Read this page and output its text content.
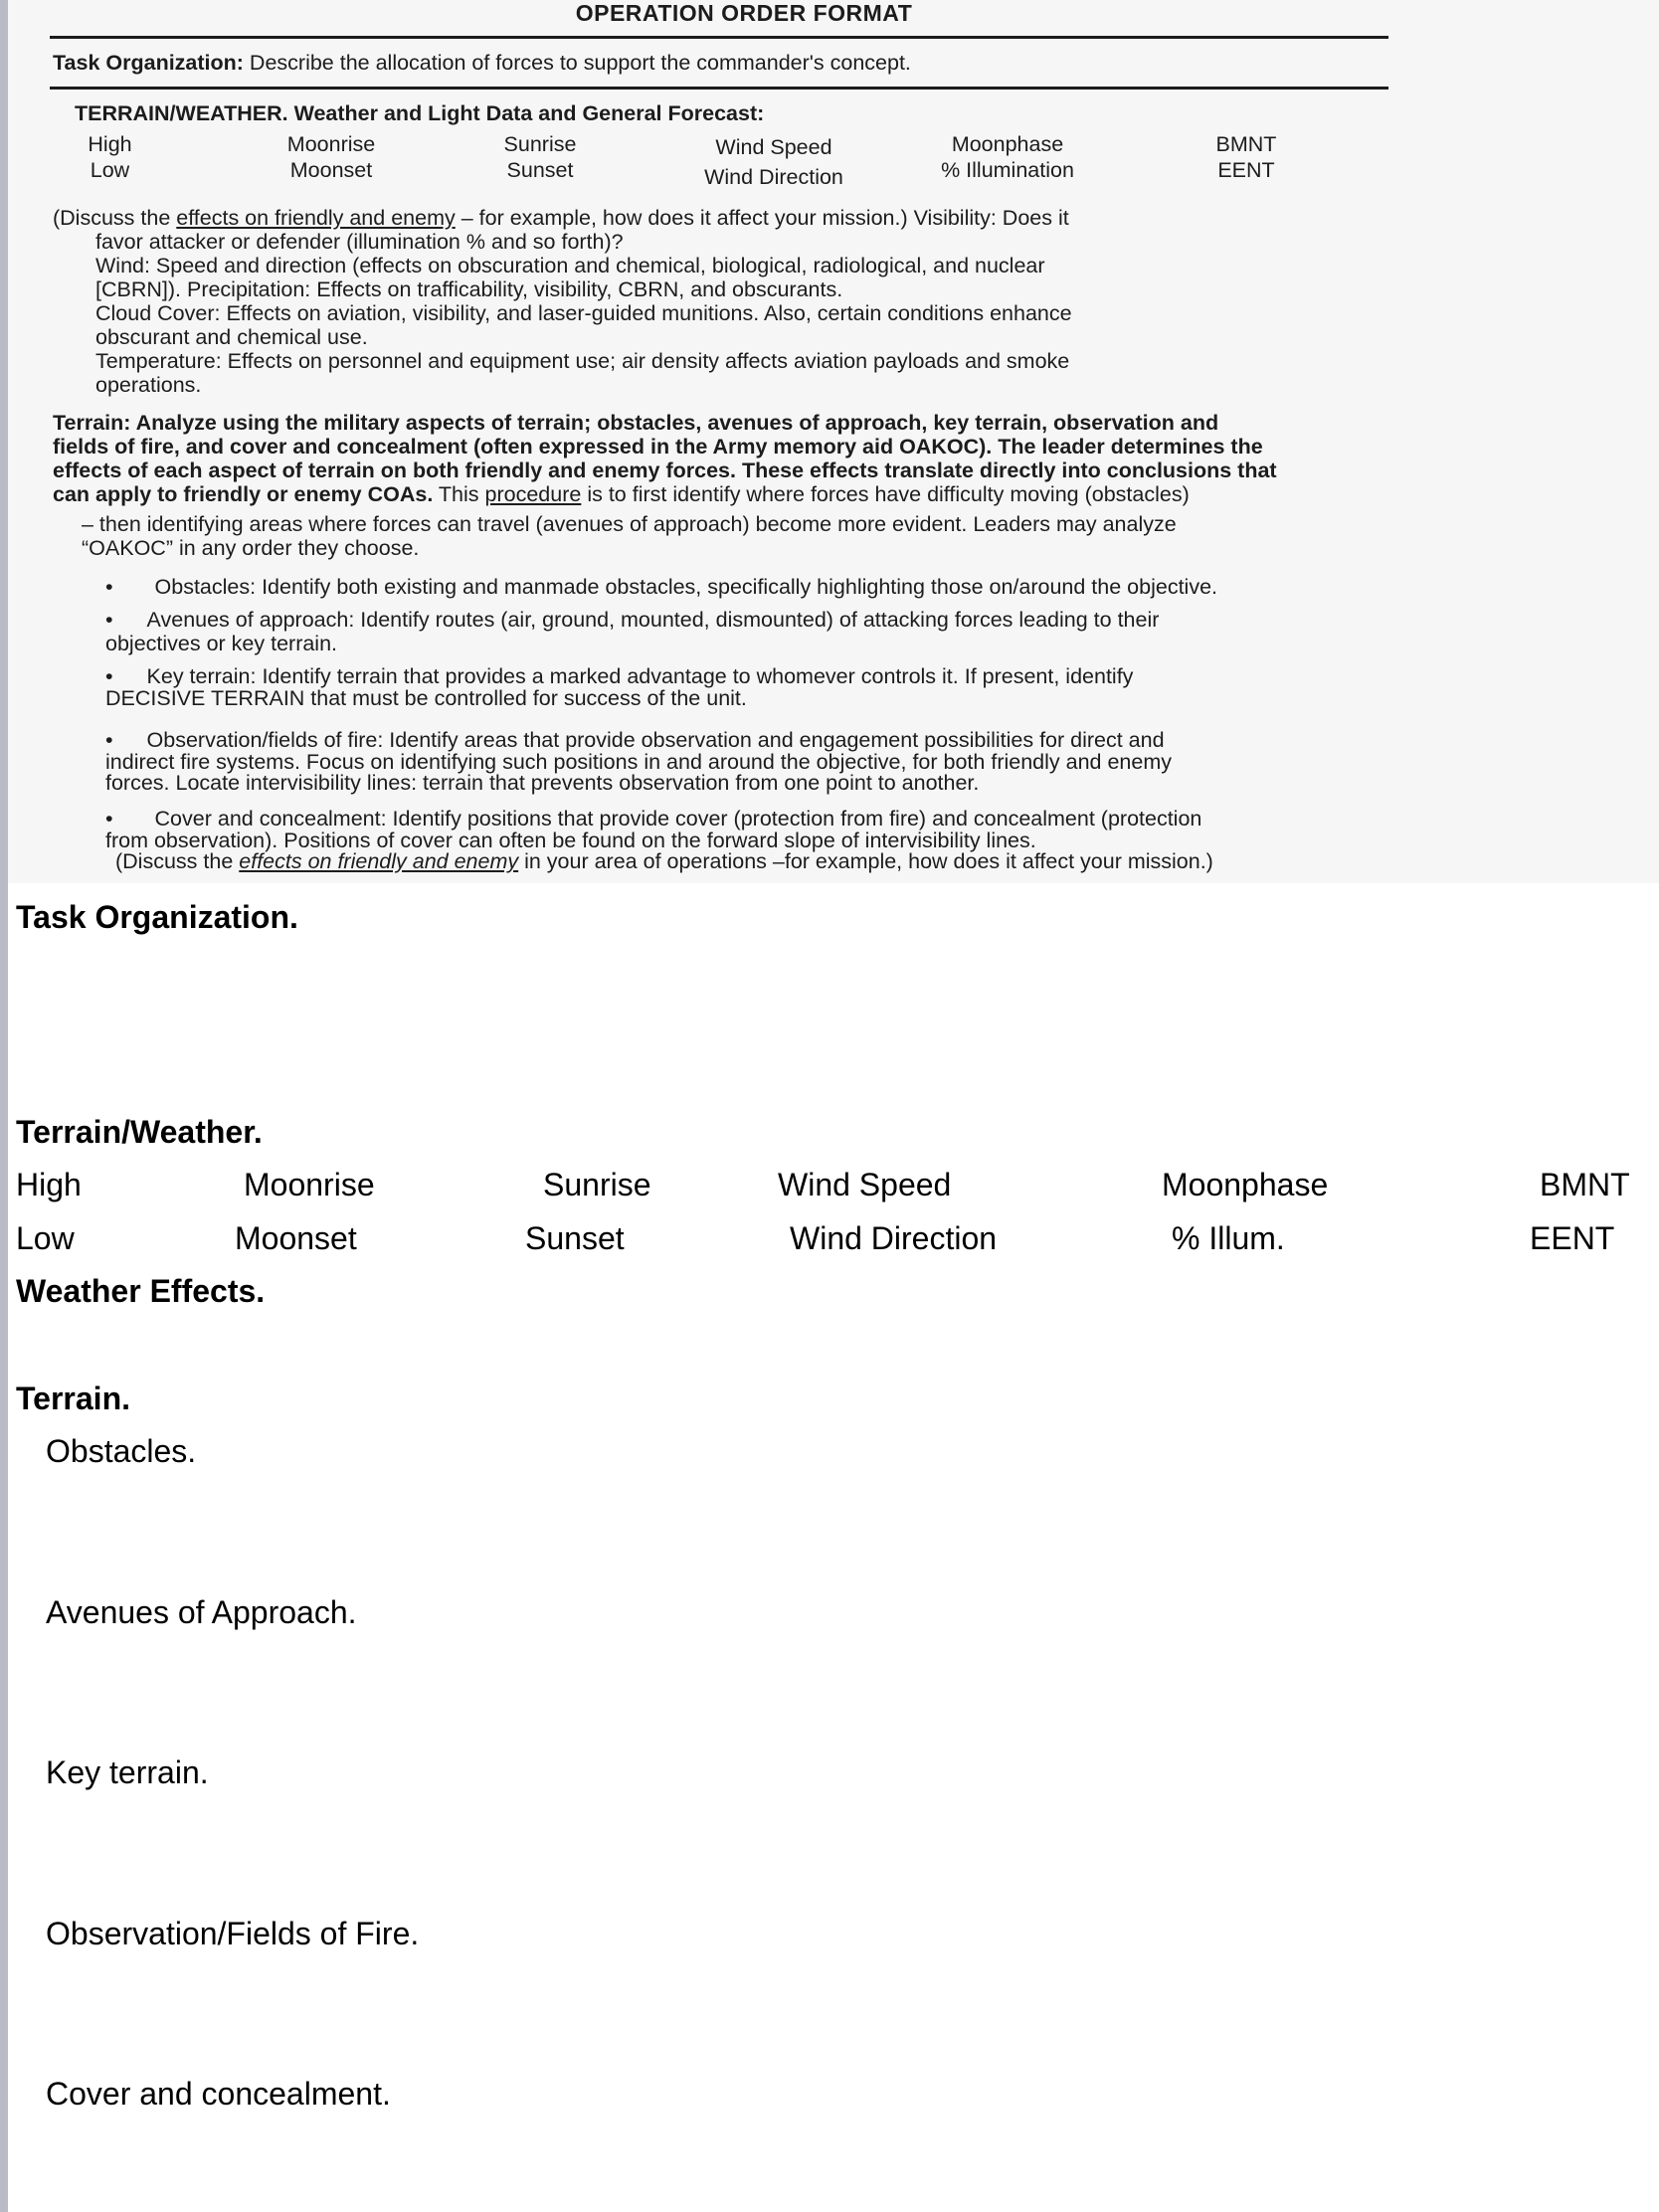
OPERATION ORDER FORMAT
Task Organization: Describe the allocation of forces to support the commander's concept.
TERRAIN/WEATHER. Weather and Light Data and General Forecast:
High	Moonrise	Sunrise	Wind Speed	Moonphase	BMNT
Low	Moonset	Sunset	Wind Direction	% Illumination	EENT
(Discuss the effects on friendly and enemy – for example, how does it affect your mission.) Visibility: Does it
favor attacker or defender (illumination % and so forth)?
Wind: Speed and direction (effects on obscuration and chemical, biological, radiological, and nuclear
[CBRN]). Precipitation: Effects on trafficability, visibility, CBRN, and obscurants.
Cloud Cover: Effects on aviation, visibility, and laser-guided munitions. Also, certain conditions enhance
obscurant and chemical use.
Temperature: Effects on personnel and equipment use; air density affects aviation payloads and smoke
operations.
Terrain: Analyze using the military aspects of terrain; obstacles, avenues of approach, key terrain, observation and
fields of fire, and cover and concealment (often expressed in the Army memory aid OAKOC). The leader determines the
effects of each aspect of terrain on both friendly and enemy forces. These effects translate directly into conclusions that
can apply to friendly or enemy COAs. This procedure is to first identify where forces have difficulty moving (obstacles)
– then identifying areas where forces can travel (avenues of approach) become more evident. Leaders may analyze
“OAKOC” in any order they choose.
• Obstacles: Identify both existing and manmade obstacles, specifically highlighting those on/around the objective.
• Avenues of approach: Identify routes (air, ground, mounted, dismounted) of attacking forces leading to their
objectives or key terrain.
• Key terrain: Identify terrain that provides a marked advantage to whomever controls it. If present, identify
DECISIVE TERRAIN that must be controlled for success of the unit.
• Observation/fields of fire: Identify areas that provide observation and engagement possibilities for direct and
indirect fire systems. Focus on identifying such positions in and around the objective, for both friendly and enemy
forces. Locate intervisibility lines: terrain that prevents observation from one point to another.
• Cover and concealment: Identify positions that provide cover (protection from fire) and concealment (protection
from observation). Positions of cover can often be found on the forward slope of intervisibility lines.
(Discuss the effects on friendly and enemy in your area of operations –for example, how does it affect your mission.)
Task Organization.
Terrain/Weather.
High	Moonrise	Sunrise	Wind Speed	Moonphase	BMNT
Low	Moonset	Sunset	Wind Direction	% Illum.	EENT
Weather Effects.
Terrain.
Obstacles.
Avenues of Approach.
Key terrain.
Observation/Fields of Fire.
Cover and concealment.
